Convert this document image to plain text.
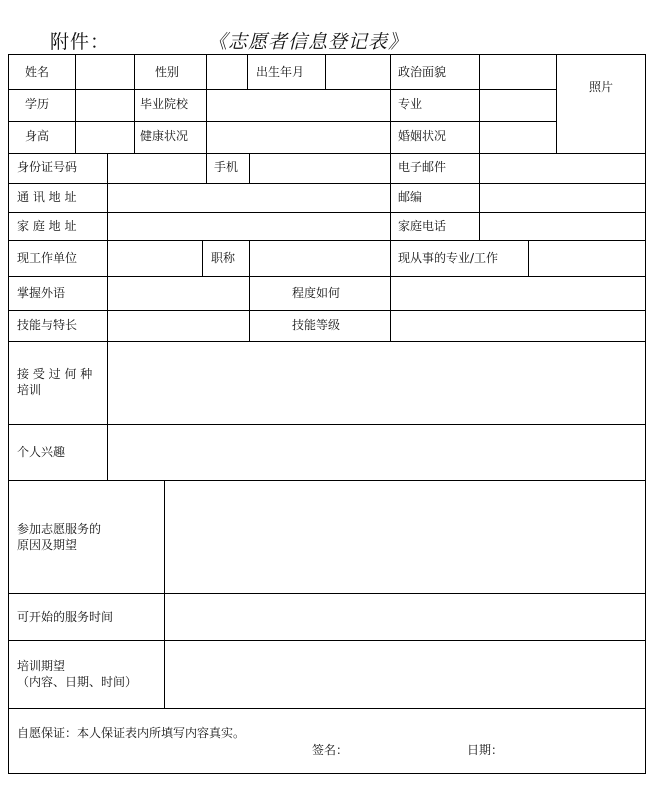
附件：	《志愿者信息登记表》
姓名	性别	出生年月	政治面貌
照片
学历	毕业院校	专业
身高	健康状况	婚姻状况
身份证号码	手机	电子邮件
通 讯 地 址	邮编
家 庭 地 址	家庭电话
现工作单位	职称	现从事的专业/工作
掌握外语	程度如何
技能与特长	技能等级
接 受 过 何 种
培训
个人兴趣
参加志愿服务的
原因及期望
可开始的服务时间
培训期望
（内容、日期、时间）
自愿保证：本人保证表内所填写内容真实。
签名：	日期：
